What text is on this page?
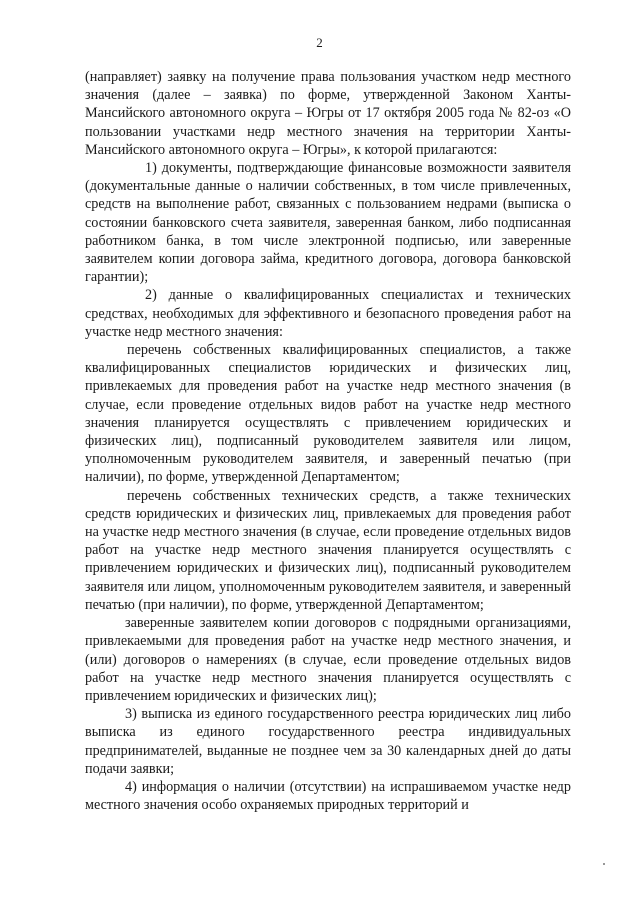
2

(направляет) заявку на получение права пользования участком недр местного значения (далее – заявка) по форме, утвержденной Законом Ханты-Мансийского автономного округа – Югры от 17 октября 2005 года № 82-оз «О пользовании участками недр местного значения на территории Ханты-Мансийского автономного округа – Югры», к которой прилагаются:

1) документы, подтверждающие финансовые возможности заявителя (документальные данные о наличии собственных, в том числе привлеченных, средств на выполнение работ, связанных с пользованием недрами (выписка о состоянии банковского счета заявителя, заверенная банком, либо подписанная работником банка, в том числе электронной подписью, или заверенные заявителем копии договора займа, кредитного договора, договора банковской гарантии);

2) данные о квалифицированных специалистах и технических средствах, необходимых для эффективного и безопасного проведения работ на участке недр местного значения:

перечень собственных квалифицированных специалистов, а также квалифицированных специалистов юридических и физических лиц, привлекаемых для проведения работ на участке недр местного значения (в случае, если проведение отдельных видов работ на участке недр местного значения планируется осуществлять с привлечением юридических и физических лиц), подписанный руководителем заявителя или лицом, уполномоченным руководителем заявителя, и заверенный печатью (при наличии), по форме, утвержденной Департаментом;

перечень собственных технических средств, а также технических средств юридических и физических лиц, привлекаемых для проведения работ на участке недр местного значения (в случае, если проведение отдельных видов работ на участке недр местного значения планируется осуществлять с привлечением юридических и физических лиц), подписанный руководителем заявителя или лицом, уполномоченным руководителем заявителя, и заверенный печатью (при наличии), по форме, утвержденной Департаментом;

заверенные заявителем копии договоров с подрядными организациями, привлекаемыми для проведения работ на участке недр местного значения, и (или) договоров о намерениях (в случае, если проведение отдельных видов работ на участке недр местного значения планируется осуществлять с привлечением юридических и физических лиц);

3) выписка из единого государственного реестра юридических лиц либо выписка из единого государственного реестра индивидуальных предпринимателей, выданные не позднее чем за 30 календарных дней до даты подачи заявки;

4) информация о наличии (отсутствии) на испрашиваемом участке недр местного значения особо охраняемых природных территорий и
